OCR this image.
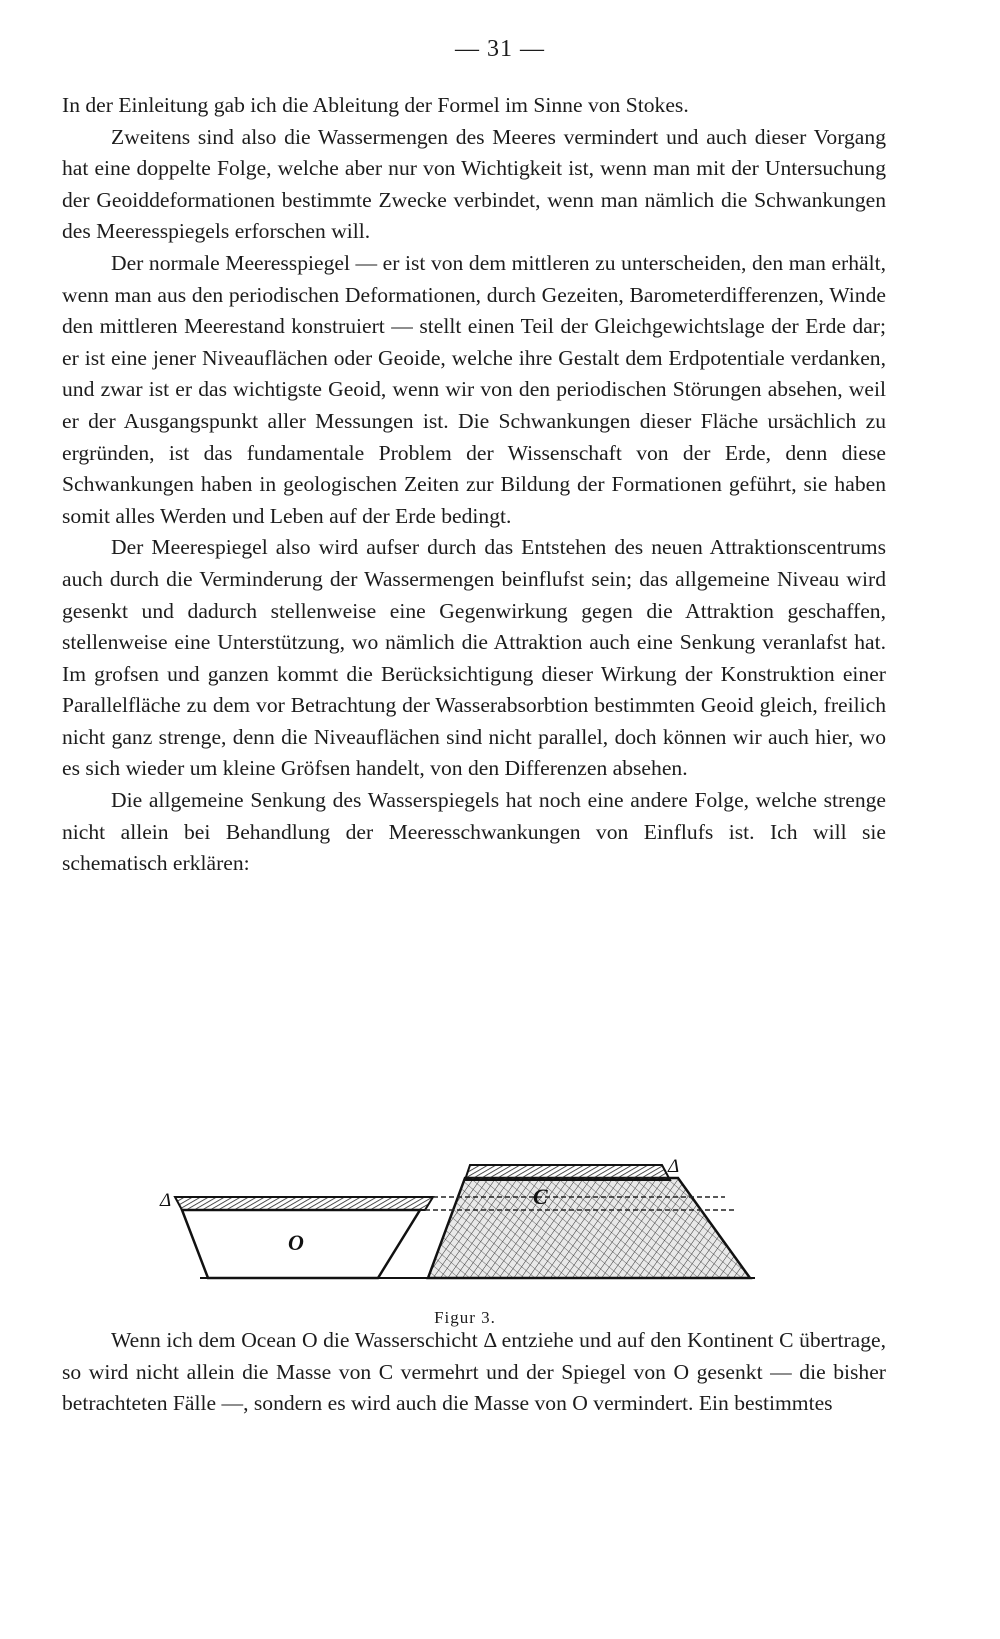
— 31 —

In der Einleitung gab ich die Ableitung der Formel im Sinne von Stokes.

Zweitens sind also die Wassermengen des Meeres vermindert und auch dieser Vorgang hat eine doppelte Folge, welche aber nur von Wichtigkeit ist, wenn man mit der Untersuchung der Geoiddeformationen bestimmte Zwecke verbindet, wenn man nämlich die Schwankungen des Meeresspiegels erforschen will.

Der normale Meeresspiegel — er ist von dem mittleren zu unterscheiden, den man erhält, wenn man aus den periodischen Deformationen, durch Gezeiten, Barometerdifferenzen, Winde den mittleren Meerestand konstruiert — stellt einen Teil der Gleichgewichtslage der Erde dar; er ist eine jener Niveauflächen oder Geoide, welche ihre Gestalt dem Erdpotentiale verdanken, und zwar ist er das wichtigste Geoid, wenn wir von den periodischen Störungen absehen, weil er der Ausgangspunkt aller Messungen ist. Die Schwankungen dieser Fläche ursächlich zu ergründen, ist das fundamentale Problem der Wissenschaft von der Erde, denn diese Schwankungen haben in geologischen Zeiten zur Bildung der Formationen geführt, sie haben somit alles Werden und Leben auf der Erde bedingt.

Der Meerespiegel also wird aufser durch das Entstehen des neuen Attraktionscentrums auch durch die Verminderung der Wassermengen beinflufst sein; das allgemeine Niveau wird gesenkt und dadurch stellenweise eine Gegenwirkung gegen die Attraktion geschaffen, stellenweise eine Unterstützung, wo nämlich die Attraktion auch eine Senkung veranlafst hat. Im grofsen und ganzen kommt die Berücksichtigung dieser Wirkung der Konstruktion einer Parallelfläche zu dem vor Betrachtung der Wasserabsorbtion bestimmten Geoid gleich, freilich nicht ganz strenge, denn die Niveauflächen sind nicht parallel, doch können wir auch hier, wo es sich wieder um kleine Gröfsen handelt, von den Differenzen absehen.

Die allgemeine Senkung des Wasserspiegels hat noch eine andere Folge, welche strenge nicht allein bei Behandlung der Meeresschwankungen von Einflufs ist. Ich will sie schematisch erklären:

Δ
Δ
O
C
Figur 3.

Wenn ich dem Ocean O die Wasserschicht Δ entziehe und auf den Kontinent C übertrage, so wird nicht allein die Masse von C vermehrt und der Spiegel von O gesenkt — die bisher betrachteten Fälle —, sondern es wird auch die Masse von O vermindert. Ein bestimmtes
